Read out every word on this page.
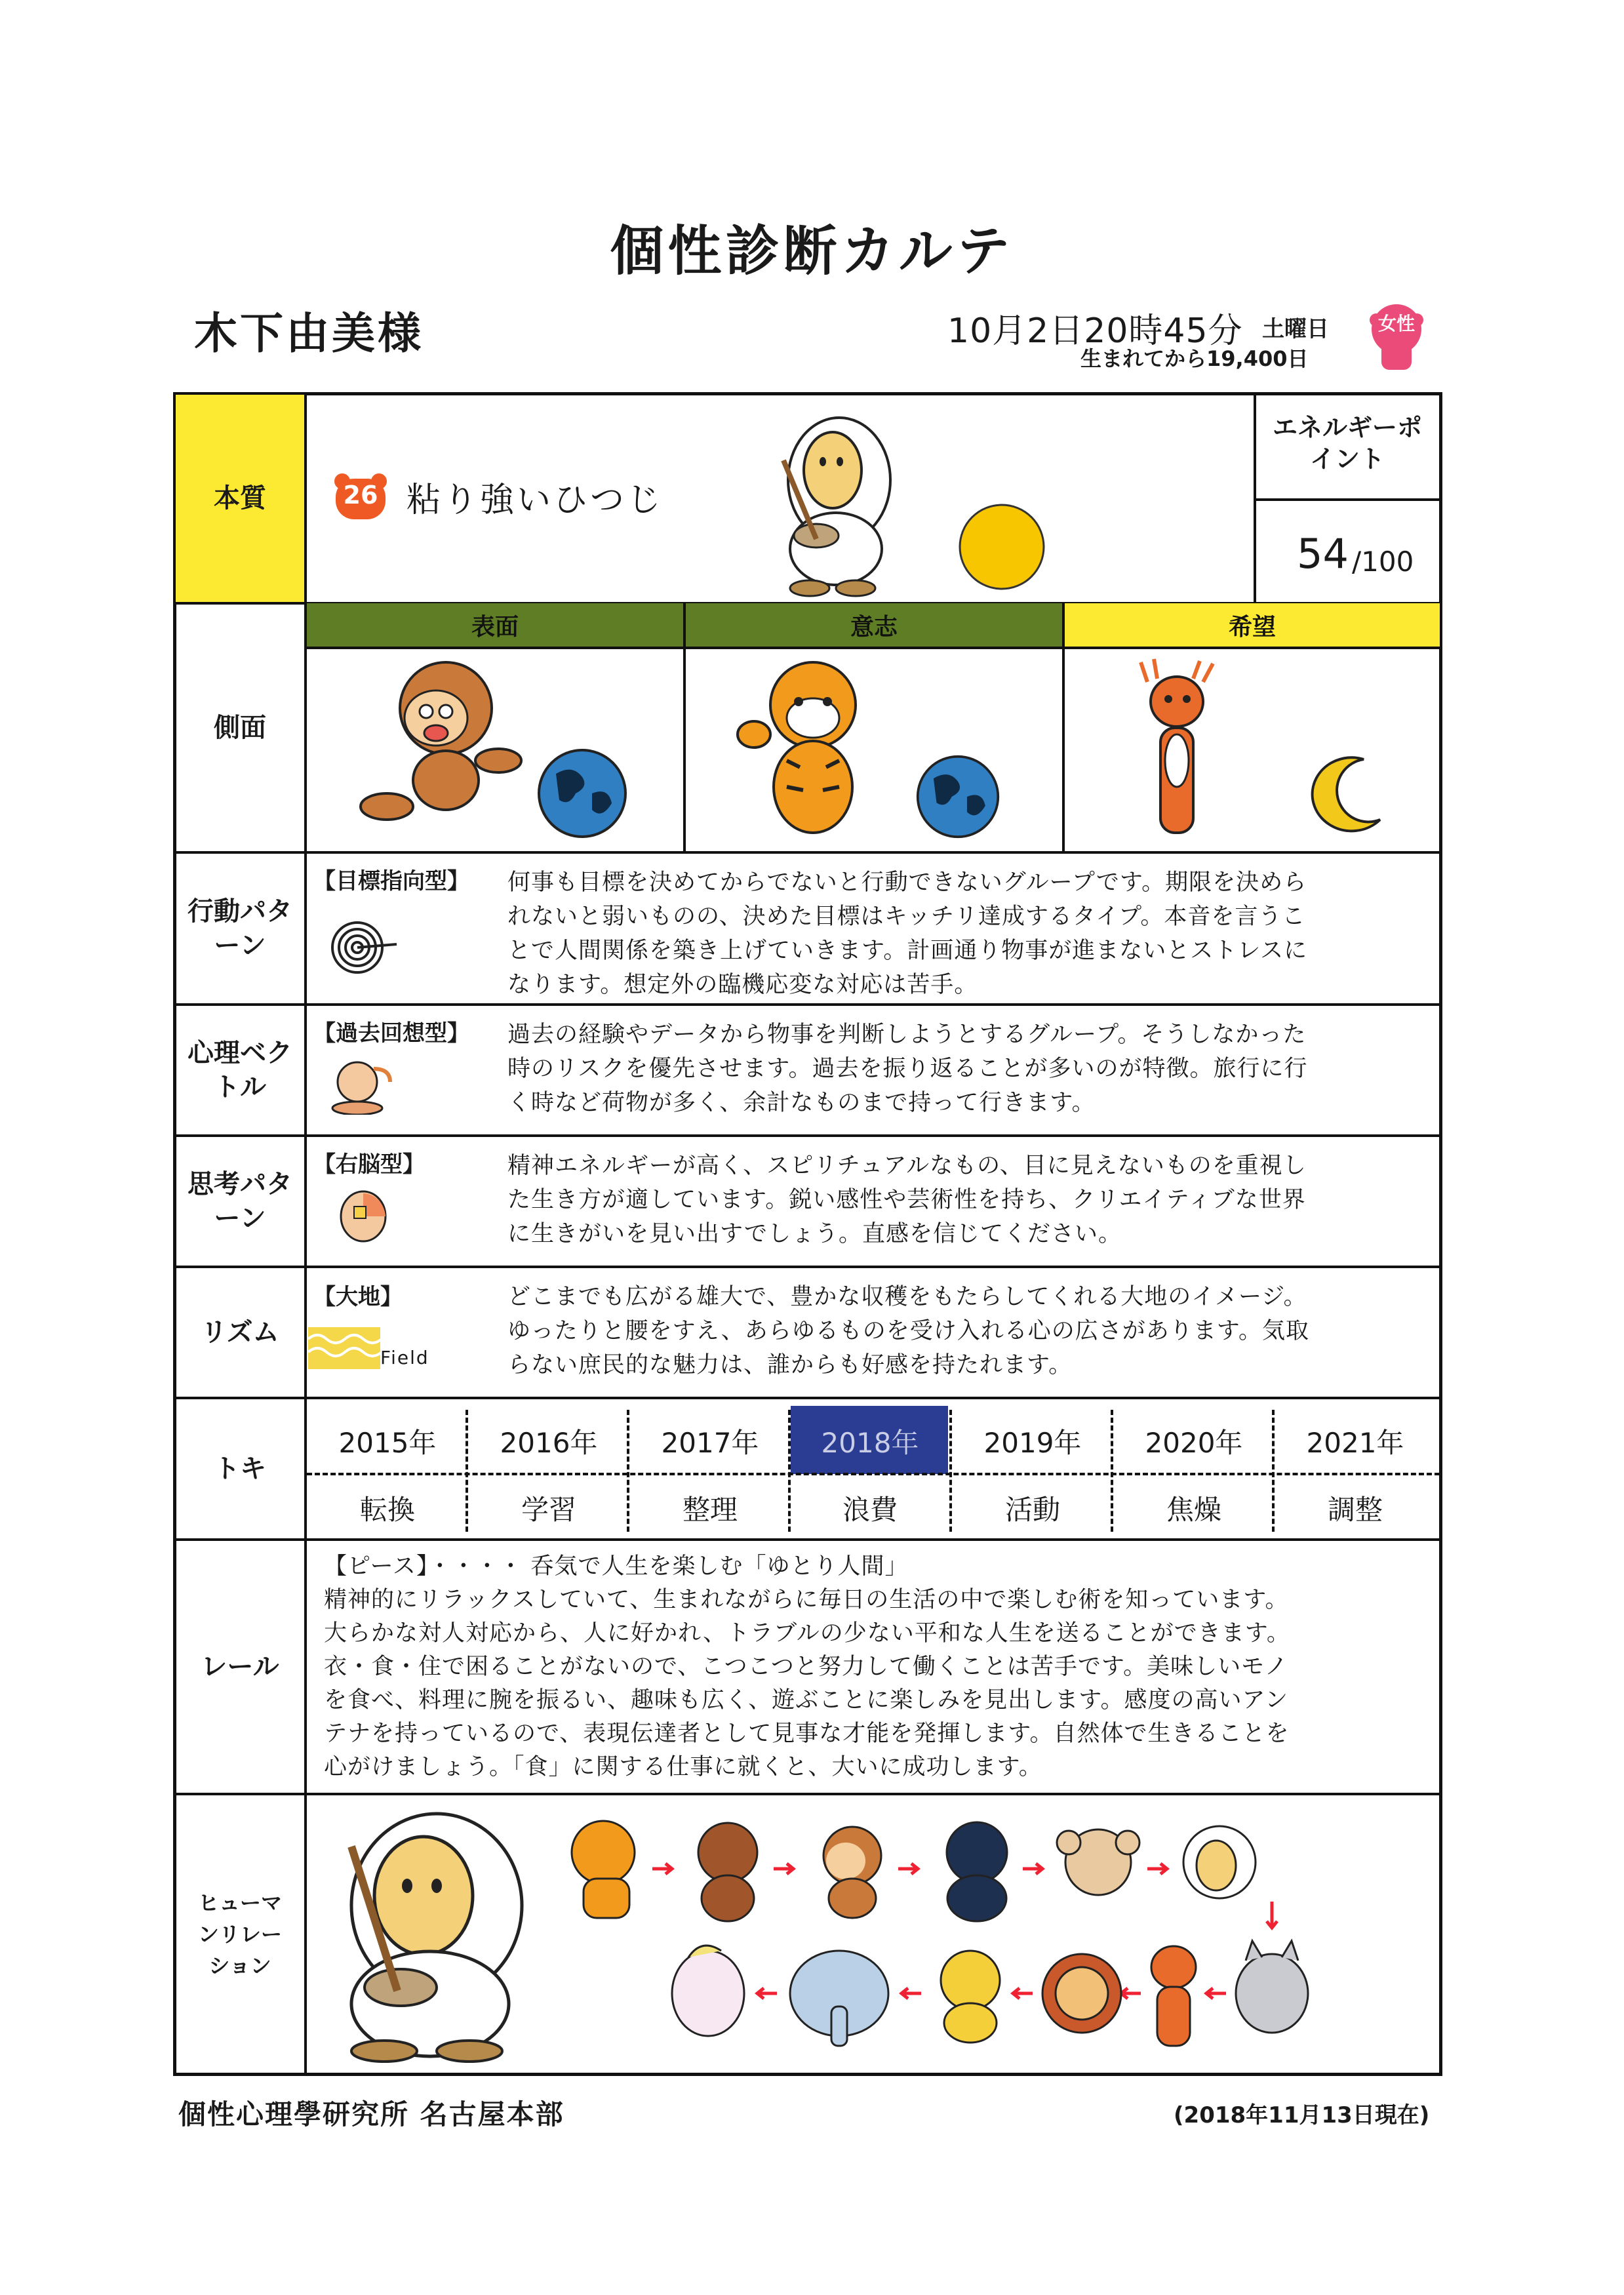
個性診断カルテ
木下由美様	10月2日20時45分 土曜日
生まれてから19,400日
女性
本質	26 粘り強いひつじ
エネルギーポイント
54 /100
側面
表面	意志	希望
行動パターン
【目標指向型】 何事も目標を決めてからでないと行動できないグループです。期限を決めら
れないと弱いものの、決めた目標はキッチリ達成するタイプ。本音を言うこ
とで人間関係を築き上げていきます。計画通り物事が進まないとストレスに
なります。想定外の臨機応変な対応は苦手。
心理ベクトル
【過去回想型】 過去の経験やデータから物事を判断しようとするグループ。そうしなかった
時のリスクを優先させます。過去を振り返ることが多いのが特徴。旅行に行
く時など荷物が多く、余計なものまで持って行きます。
思考パターン
【右脳型】	精神エネルギーが高く、スピリチュアルなもの、目に見えないものを重視し
た生き方が適しています。鋭い感性や芸術性を持ち、クリエイティブな世界
に生きがいを見い出すでしょう。直感を信じてください。
リズム
【大地】
Field
どこまでも広がる雄大で、豊かな収穫をもたらしてくれる大地のイメージ。
ゆったりと腰をすえ、あらゆるものを受け入れる心の広さがあります。気取
らない庶民的な魅力は、誰からも好感を持たれます。
トキ
2015年	2016年	2017年	2018年	2019年	2020年	2021年
転換	学習	整理	浪費	活動	焦燥	調整
レール
【ピース】・・・・ 呑気で人生を楽しむ「ゆとり人間」
精神的にリラックスしていて、生まれながらに毎日の生活の中で楽しむ術を知っています。
大らかな対人対応から、人に好かれ、トラブルの少ない平和な人生を送ることができます。
衣・食・住で困ることがないので、こつこつと努力して働くことは苦手です。美味しいモノ
を食べ、料理に腕を振るい、趣味も広く、遊ぶことに楽しみを見出します。感度の高いアン
テナを持っているので、表現伝達者として見事な才能を発揮します。自然体で生きることを
心がけましょう。「食」に関する仕事に就くと、大いに成功します。
ヒューマンリレーション
個性心理學研究所 名古屋本部	(2018年11月13日現在)
